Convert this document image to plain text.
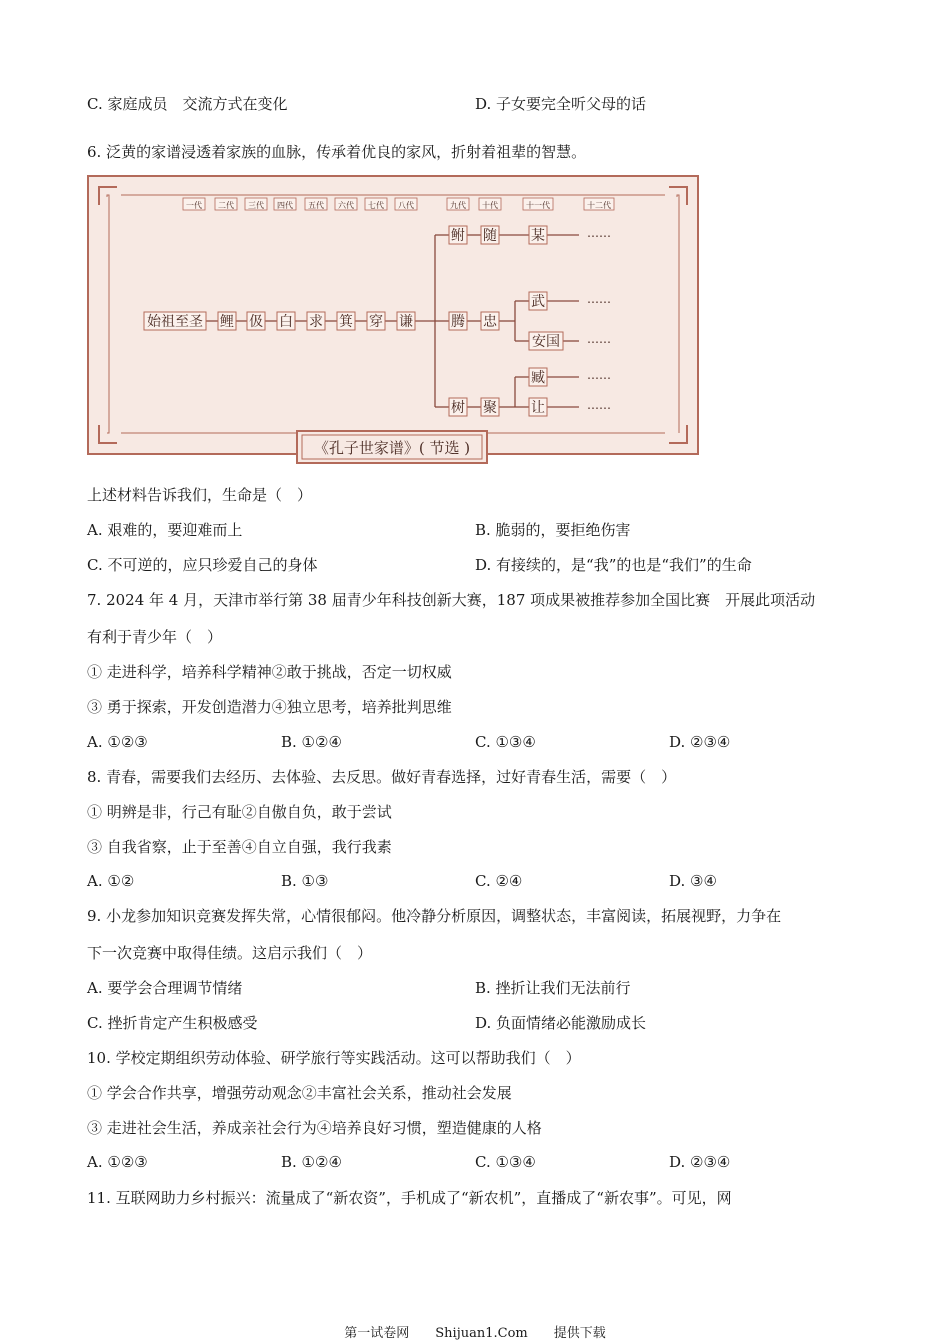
C. 家庭成员　交流方式在变化	D. 子女要完全听父母的话
6. 泛黄的家谱浸透着家族的血脉，传承着优良的家风，折射着祖辈的智慧。
一代 二代 三代 四代 五代 六代 七代 八代	九代 十代	十一代	十二代
始祖至圣 鲤 伋 白 求 箕 穿 谦
鲋 随 某	……
腾 忠
武	……
安国 ……
树 聚
臧	……
让	……
《孔子世家谱》( 节选 )
上述材料告诉我们，生命是（　）
A. 艰难的，要迎难而上	B. 脆弱的，要拒绝伤害
C. 不可逆的，应只珍爱自己的身体	D. 有接续的，是“我”的也是“我们”的生命
7. 2024 年 4 月，天津市举行第 38 届青少年科技创新大赛，187 项成果被推荐参加全国比赛　开展此项活动
有利于青少年（　）
① 走进科学，培养科学精神②敢于挑战，否定一切权威
③ 勇于探索，开发创造潜力④独立思考，培养批判思维
A. ①②③	B. ①②④	C. ①③④	D. ②③④
8. 青春，需要我们去经历、去体验、去反思。做好青春选择，过好青春生活，需要（　）
① 明辨是非，行己有耻②自傲自负，敢于尝试
③ 自我省察，止于至善④自立自强，我行我素
A. ①②	B. ①③	C. ②④	D. ③④
9. 小龙参加知识竞赛发挥失常，心情很郁闷。他冷静分析原因，调整状态，丰富阅读，拓展视野，力争在
下一次竞赛中取得佳绩。这启示我们（　）
A. 要学会合理调节情绪	B. 挫折让我们无法前行
C. 挫折肯定产生积极感受	D. 负面情绪必能激励成长
10. 学校定期组织劳动体验、研学旅行等实践活动。这可以帮助我们（　）
① 学会合作共享，增强劳动观念②丰富社会关系，推动社会发展
③ 走进社会生活，养成亲社会行为④培养良好习惯，塑造健康的人格
A. ①②③	B. ①②④	C. ①③④	D. ②③④
11. 互联网助力乡村振兴：流量成了“新农资”，手机成了“新农机”，直播成了“新农事”。可见，网
第一试卷网　　Shijuan1.Com　　提供下载
